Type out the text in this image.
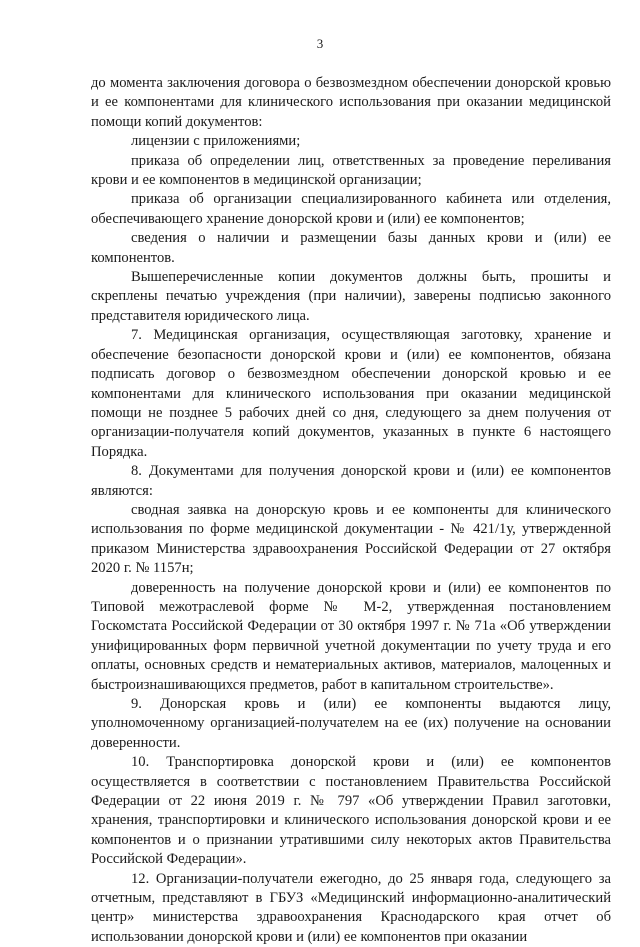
3

до момента заключения договора о безвозмездном обеспечении донорской кровью и ее компонентами для клинического использования при оказании медицинской помощи копий документов:

лицензии с приложениями;

приказа об определении лиц, ответственных за проведение переливания крови и ее компонентов в медицинской организации;

приказа об организации специализированного кабинета или отделения, обеспечивающего хранение донорской крови и (или) ее компонентов;

сведения о наличии и размещении базы данных крови и (или) ее компонентов.

Вышеперечисленные копии документов должны быть, прошиты и скреплены печатью учреждения (при наличии), заверены подписью законного представителя юридического лица.

7. Медицинская организация, осуществляющая заготовку, хранение и обеспечение безопасности донорской крови и (или) ее компонентов, обязана подписать договор о безвозмездном обеспечении донорской кровью и ее компонентами для клинического использования при оказании медицинской помощи не позднее 5 рабочих дней со дня, следующего за днем получения от организации-получателя копий документов, указанных в пункте 6 настоящего Порядка.

8. Документами для получения донорской крови и (или) ее компонентов являются:

сводная заявка на донорскую кровь и ее компоненты для клинического использования по форме медицинской документации - № 421/1у, утвержденной приказом Министерства здравоохранения Российской Федерации от 27 октября 2020 г. № 1157н;

доверенность на получение донорской крови и (или) ее компонентов по Типовой межотраслевой форме № М-2, утвержденная постановлением Госкомстата Российской Федерации от 30 октября 1997 г. № 71а «Об утверждении унифицированных форм первичной учетной документации по учету труда и его оплаты, основных средств и нематериальных активов, материалов, малоценных и быстроизнашивающихся предметов, работ в капитальном строительстве».

9. Донорская кровь и (или) ее компоненты выдаются лицу, уполномоченному организацией-получателем на ее (их) получение на основании доверенности.

10. Транспортировка донорской крови и (или) ее компонентов осуществляется в соответствии с постановлением Правительства Российской Федерации от 22 июня 2019 г. № 797 «Об утверждении Правил заготовки, хранения, транспортировки и клинического использования донорской крови и ее компонентов и о признании утратившими силу некоторых актов Правительства Российской Федерации».

12. Организации-получатели ежегодно, до 25 января года, следующего за отчетным, представляют в ГБУЗ «Медицинский информационно-аналитический центр» министерства здравоохранения Краснодарского края отчет об использовании донорской крови и (или) ее компонентов при оказании
